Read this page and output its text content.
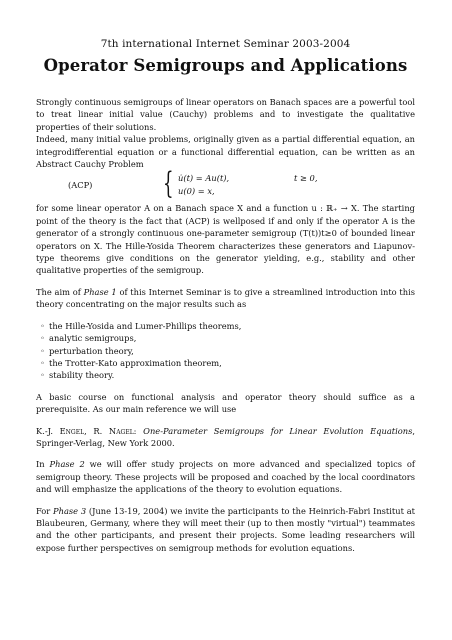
7th international Internet Seminar 2003-2004
Operator Semigroups and Applications

Strongly continuous semigroups of linear operators on Banach spaces are a powerful tool to treat linear initial value (Cauchy) problems and to investigate the qualitative properties of their solutions.

Indeed, many initial value problems, originally given as a partial differential equation, an integrodifferential equation or a functional differential equation, can be written as an Abstract Cauchy Problem

(ACP) { u̇(t) = Au(t),
u(0) = x,
t ≥ 0,

for some linear operator A on a Banach space X and a function u : ℝ₊ → X. The starting point of the theory is the fact that (ACP) is wellposed if and only if the operator A is the generator of a strongly continuous one-parameter semigroup (T(t))t≥0 of bounded linear operators on X. The Hille-Yosida Theorem characterizes these generators and Liapunov-type theorems give conditions on the generator yielding, e.g., stability and other qualitative properties of the semigroup.

The aim of Phase 1 of this Internet Seminar is to give a streamlined introduction into this theory concentrating on the major results such as

◦ the Hille-Yosida and Lumer-Phillips theorems,
◦ analytic semigroups,
◦ perturbation theory,
◦ the Trotter-Kato approximation theorem,
◦ stability theory.

A basic course on functional analysis and operator theory should suffice as a prerequisite. As our main reference we will use

K.-J. Engel, R. Nagel: One-Parameter Semigroups for Linear Evolution Equations, Springer-Verlag, New York 2000.

In Phase 2 we will offer study projects on more advanced and specialized topics of semigroup theory. These projects will be proposed and coached by the local coordinators and will emphasize the applications of the theory to evolution equations.

For Phase 3 (June 13-19, 2004) we invite the participants to the Heinrich-Fabri Institut at Blaubeuren, Germany, where they will meet their (up to then mostly "virtual") teammates and the other participants, and present their projects. Some leading researchers will expose further perspectives on semigroup methods for evolution equations.
